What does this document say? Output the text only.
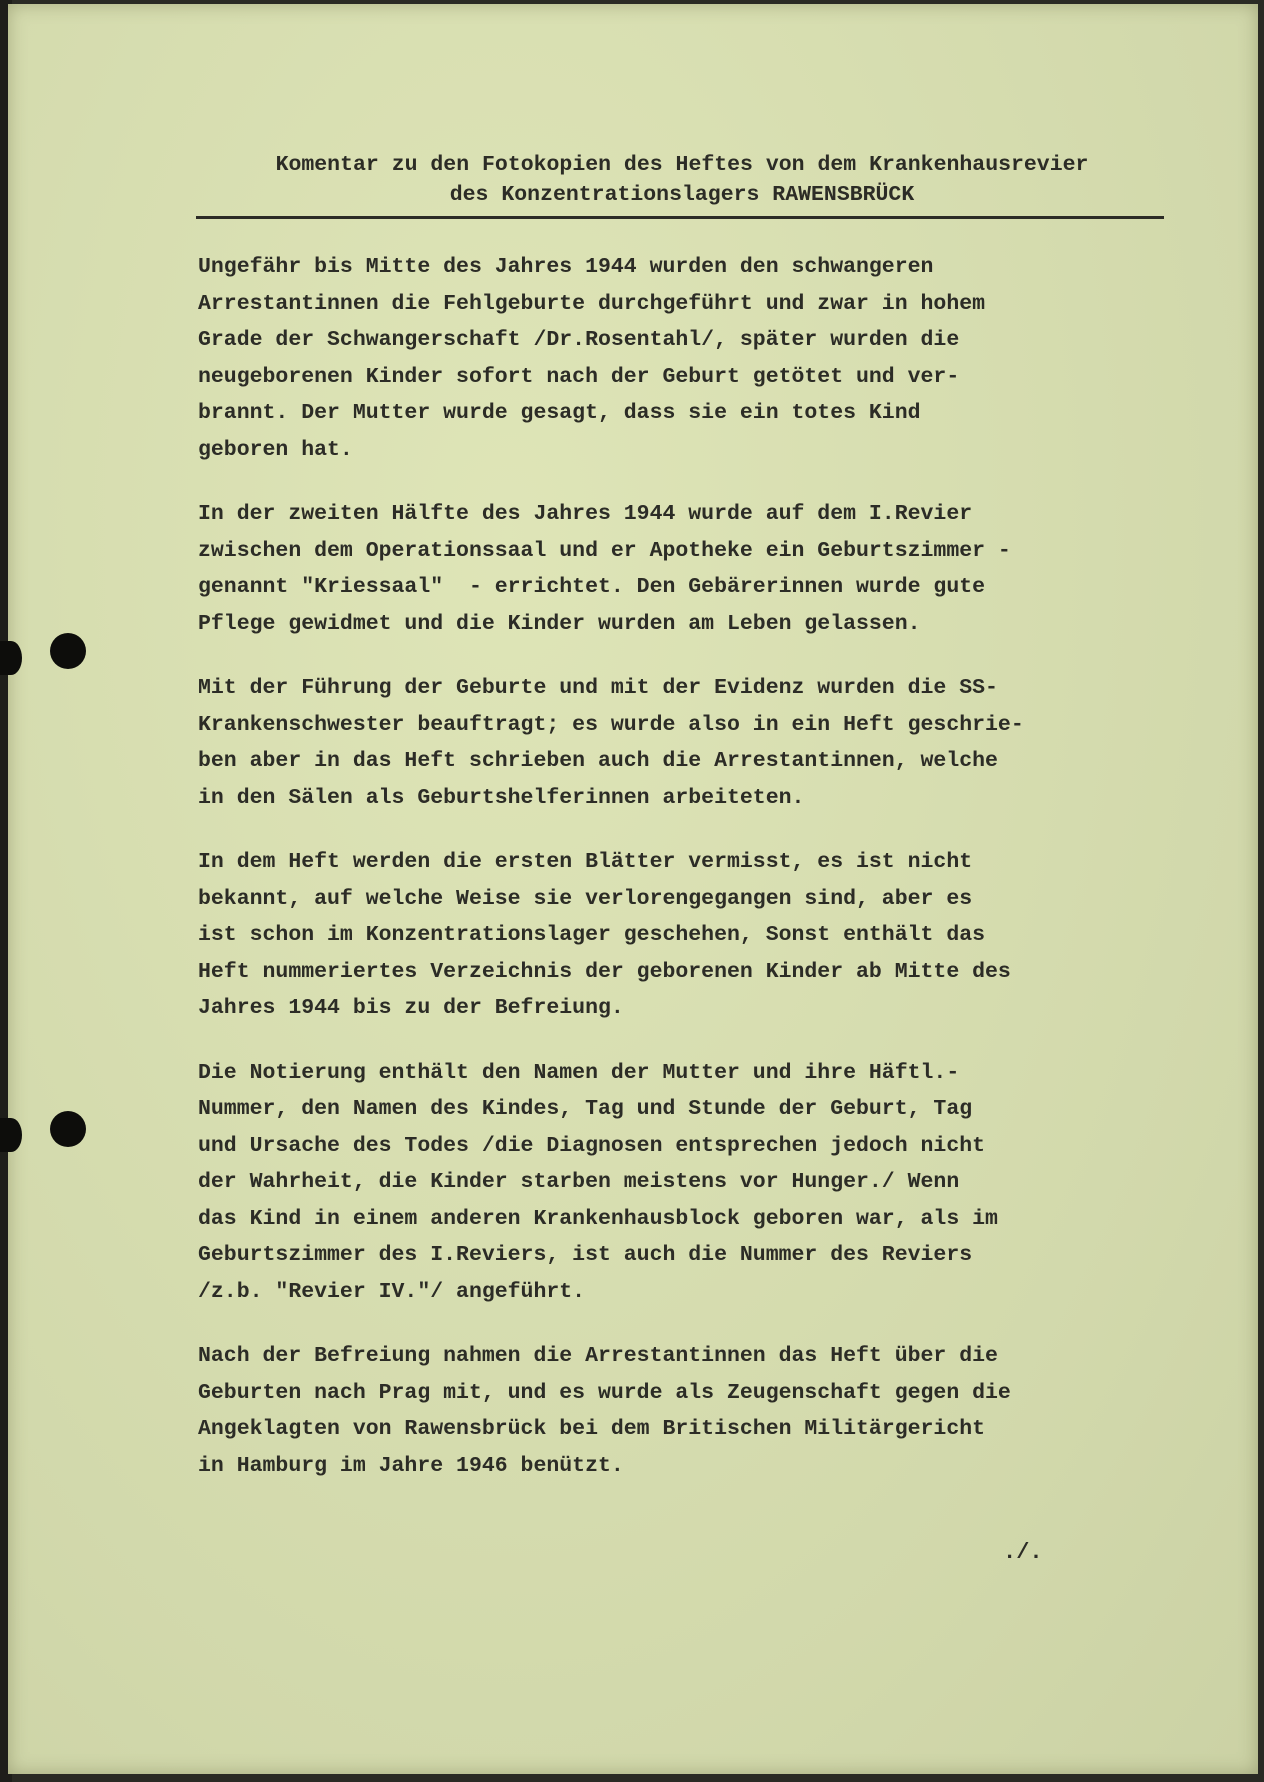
Komentar zu den Fotokopien des Heftes von dem Krankenhausrevier
des Konzentrationslagers RAWENSBRÜCK

Ungefähr bis Mitte des Jahres 1944 wurden den schwangeren
Arrestantinnen die Fehlgeburte durchgeführt und zwar in hohem
Grade der Schwangerschaft /Dr.Rosentahl/, später wurden die
neugeborenen Kinder sofort nach der Geburt getötet und ver-
brannt. Der Mutter wurde gesagt, dass sie ein totes Kind
geboren hat.

In der zweiten Hälfte des Jahres 1944 wurde auf dem I.Revier
zwischen dem Operationssaal und er Apotheke ein Geburtszimmer -
genannt "Kriessaal"  - errichtet. Den Gebärerinnen wurde gute
Pflege gewidmet und die Kinder wurden am Leben gelassen.

Mit der Führung der Geburte und mit der Evidenz wurden die SS-
Krankenschwester beauftragt; es wurde also in ein Heft geschrie-
ben aber in das Heft schrieben auch die Arrestantinnen, welche
in den Sälen als Geburtshelferinnen arbeiteten.

In dem Heft werden die ersten Blätter vermisst, es ist nicht
bekannt, auf welche Weise sie verlorengegangen sind, aber es
ist schon im Konzentrationslager geschehen, Sonst enthält das
Heft nummeriertes Verzeichnis der geborenen Kinder ab Mitte des
Jahres 1944 bis zu der Befreiung.

Die Notierung enthält den Namen der Mutter und ihre Häftl.-
Nummer, den Namen des Kindes, Tag und Stunde der Geburt, Tag
und Ursache des Todes /die Diagnosen entsprechen jedoch nicht
der Wahrheit, die Kinder starben meistens vor Hunger./ Wenn
das Kind in einem anderen Krankenhausblock geboren war, als im
Geburtszimmer des I.Reviers, ist auch die Nummer des Reviers
/z.b. "Revier IV."/ angeführt.

Nach der Befreiung nahmen die Arrestantinnen das Heft über die
Geburten nach Prag mit, und es wurde als Zeugenschaft gegen die
Angeklagten von Rawensbrück bei dem Britischen Militärgericht
in Hamburg im Jahre 1946 benützt.

./.
